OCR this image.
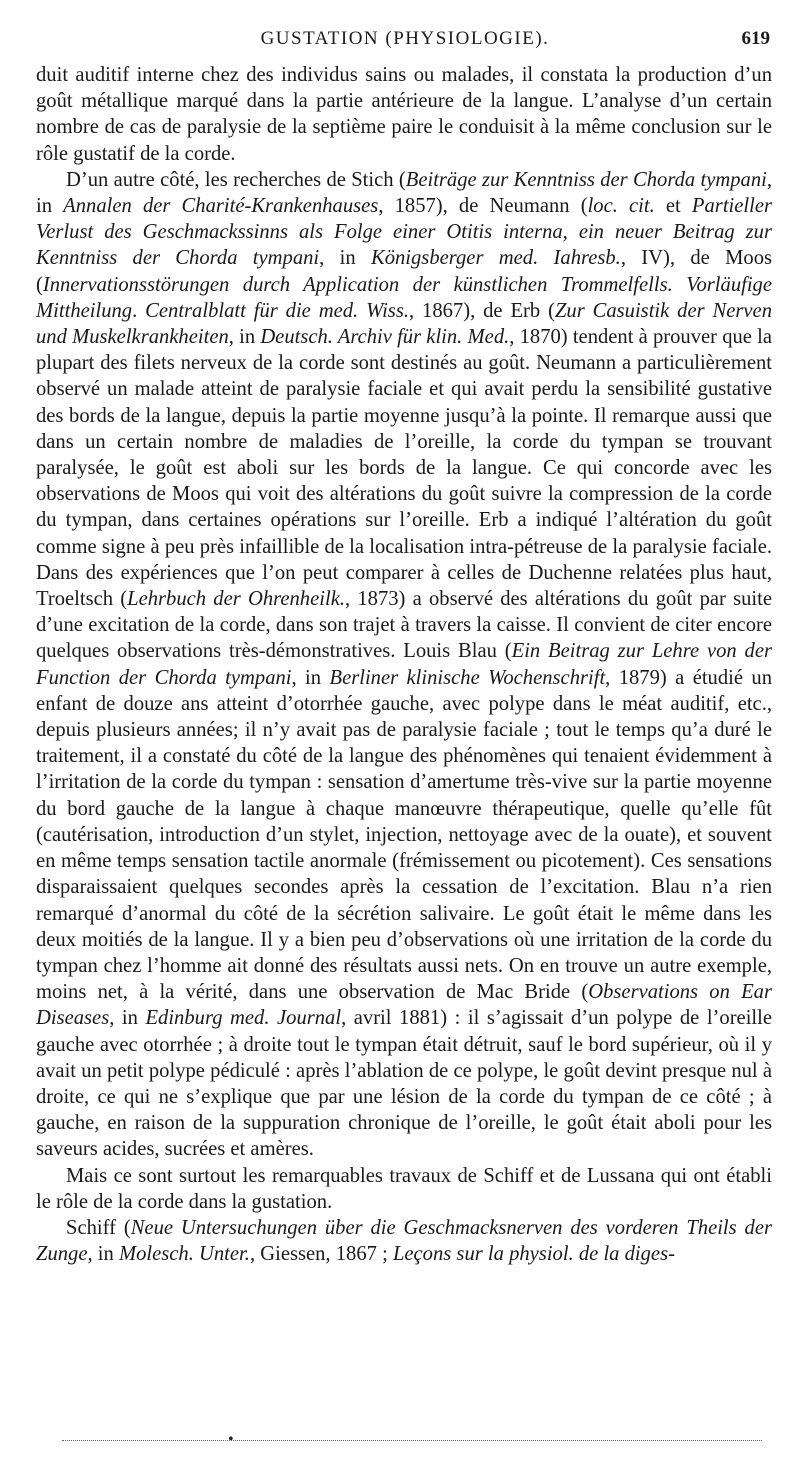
GUSTATION (PHYSIOLOGIE).	619

duit auditif interne chez des individus sains ou malades, il constata la production d’un goût métallique marqué dans la partie antérieure de la langue. L’analyse d’un certain nombre de cas de paralysie de la septième paire le conduisit à la même conclusion sur le rôle gustatif de la corde.

D’un autre côté, les recherches de Stich (Beiträge zur Kenntniss der Chorda tympani, in Annalen der Charité-Krankenhauses, 1857), de Neumann (loc. cit. et Partieller Verlust des Geschmackssinns als Folge einer Otitis interna, ein neuer Beitrag zur Kenntniss der Chorda tympani, in Königsberger med. Iahresb., IV), de Moos (Innervationsstörungen durch Application der künstlichen Trommelfells. Vorläufige Mittheilung. Centralblatt für die med. Wiss., 1867), de Erb (Zur Casuistik der Nerven und Muskelkrankheiten, in Deutsch. Archiv für klin. Med., 1870) tendent à prouver que la plupart des filets nerveux de la corde sont destinés au goût. Neumann a particulièrement observé un malade atteint de paralysie faciale et qui avait perdu la sensibilité gustative des bords de la langue, depuis la partie moyenne jusqu’à la pointe. Il remarque aussi que dans un certain nombre de maladies de l’oreille, la corde du tympan se trouvant paralysée, le goût est aboli sur les bords de la langue. Ce qui concorde avec les observations de Moos qui voit des altérations du goût suivre la compression de la corde du tympan, dans certaines opérations sur l’oreille. Erb a indiqué l’altération du goût comme signe à peu près infaillible de la localisation intra-pétreuse de la paralysie faciale. Dans des expériences que l’on peut comparer à celles de Duchenne relatées plus haut, Troeltsch (Lehrbuch der Ohrenheilk., 1873) a observé des altérations du goût par suite d’une excitation de la corde, dans son trajet à travers la caisse. Il convient de citer encore quelques observations très-démonstratives. Louis Blau (Ein Beitrag zur Lehre von der Function der Chorda tympani, in Berliner klinische Wochenschrift, 1879) a étudié un enfant de douze ans atteint d’otorrhée gauche, avec polype dans le méat auditif, etc., depuis plusieurs années; il n’y avait pas de paralysie faciale ; tout le temps qu’a duré le traitement, il a constaté du côté de la langue des phénomènes qui tenaient évidemment à l’irritation de la corde du tympan : sensation d’amertume très-vive sur la partie moyenne du bord gauche de la langue à chaque manœuvre thérapeutique, quelle qu’elle fût (cautérisation, introduction d’un stylet, injection, nettoyage avec de la ouate), et souvent en même temps sensation tactile anormale (frémissement ou picotement). Ces sensations disparaissaient quelques secondes après la cessation de l’excitation. Blau n’a rien remarqué d’anormal du côté de la sécrétion salivaire. Le goût était le même dans les deux moitiés de la langue. Il y a bien peu d’observations où une irritation de la corde du tympan chez l’homme ait donné des résultats aussi nets. On en trouve un autre exemple, moins net, à la vérité, dans une observation de Mac Bride (Observations on Ear Diseases, in Edinburg med. Journal, avril 1881) : il s’agissait d’un polype de l’oreille gauche avec otorrhée ; à droite tout le tympan était détruit, sauf le bord supérieur, où il y avait un petit polype pédiculé : après l’ablation de ce polype, le goût devint presque nul à droite, ce qui ne s’explique que par une lésion de la corde du tympan de ce côté ; à gauche, en raison de la suppuration chronique de l’oreille, le goût était aboli pour les saveurs acides, sucrées et amères.

Mais ce sont surtout les remarquables travaux de Schiff et de Lussana qui ont établi le rôle de la corde dans la gustation.

Schiff (Neue Untersuchungen über die Geschmacksnerven des vorderen Theils der Zunge, in Molesch. Unter., Giessen, 1867 ; Leçons sur la physiol. de la diges-

•
